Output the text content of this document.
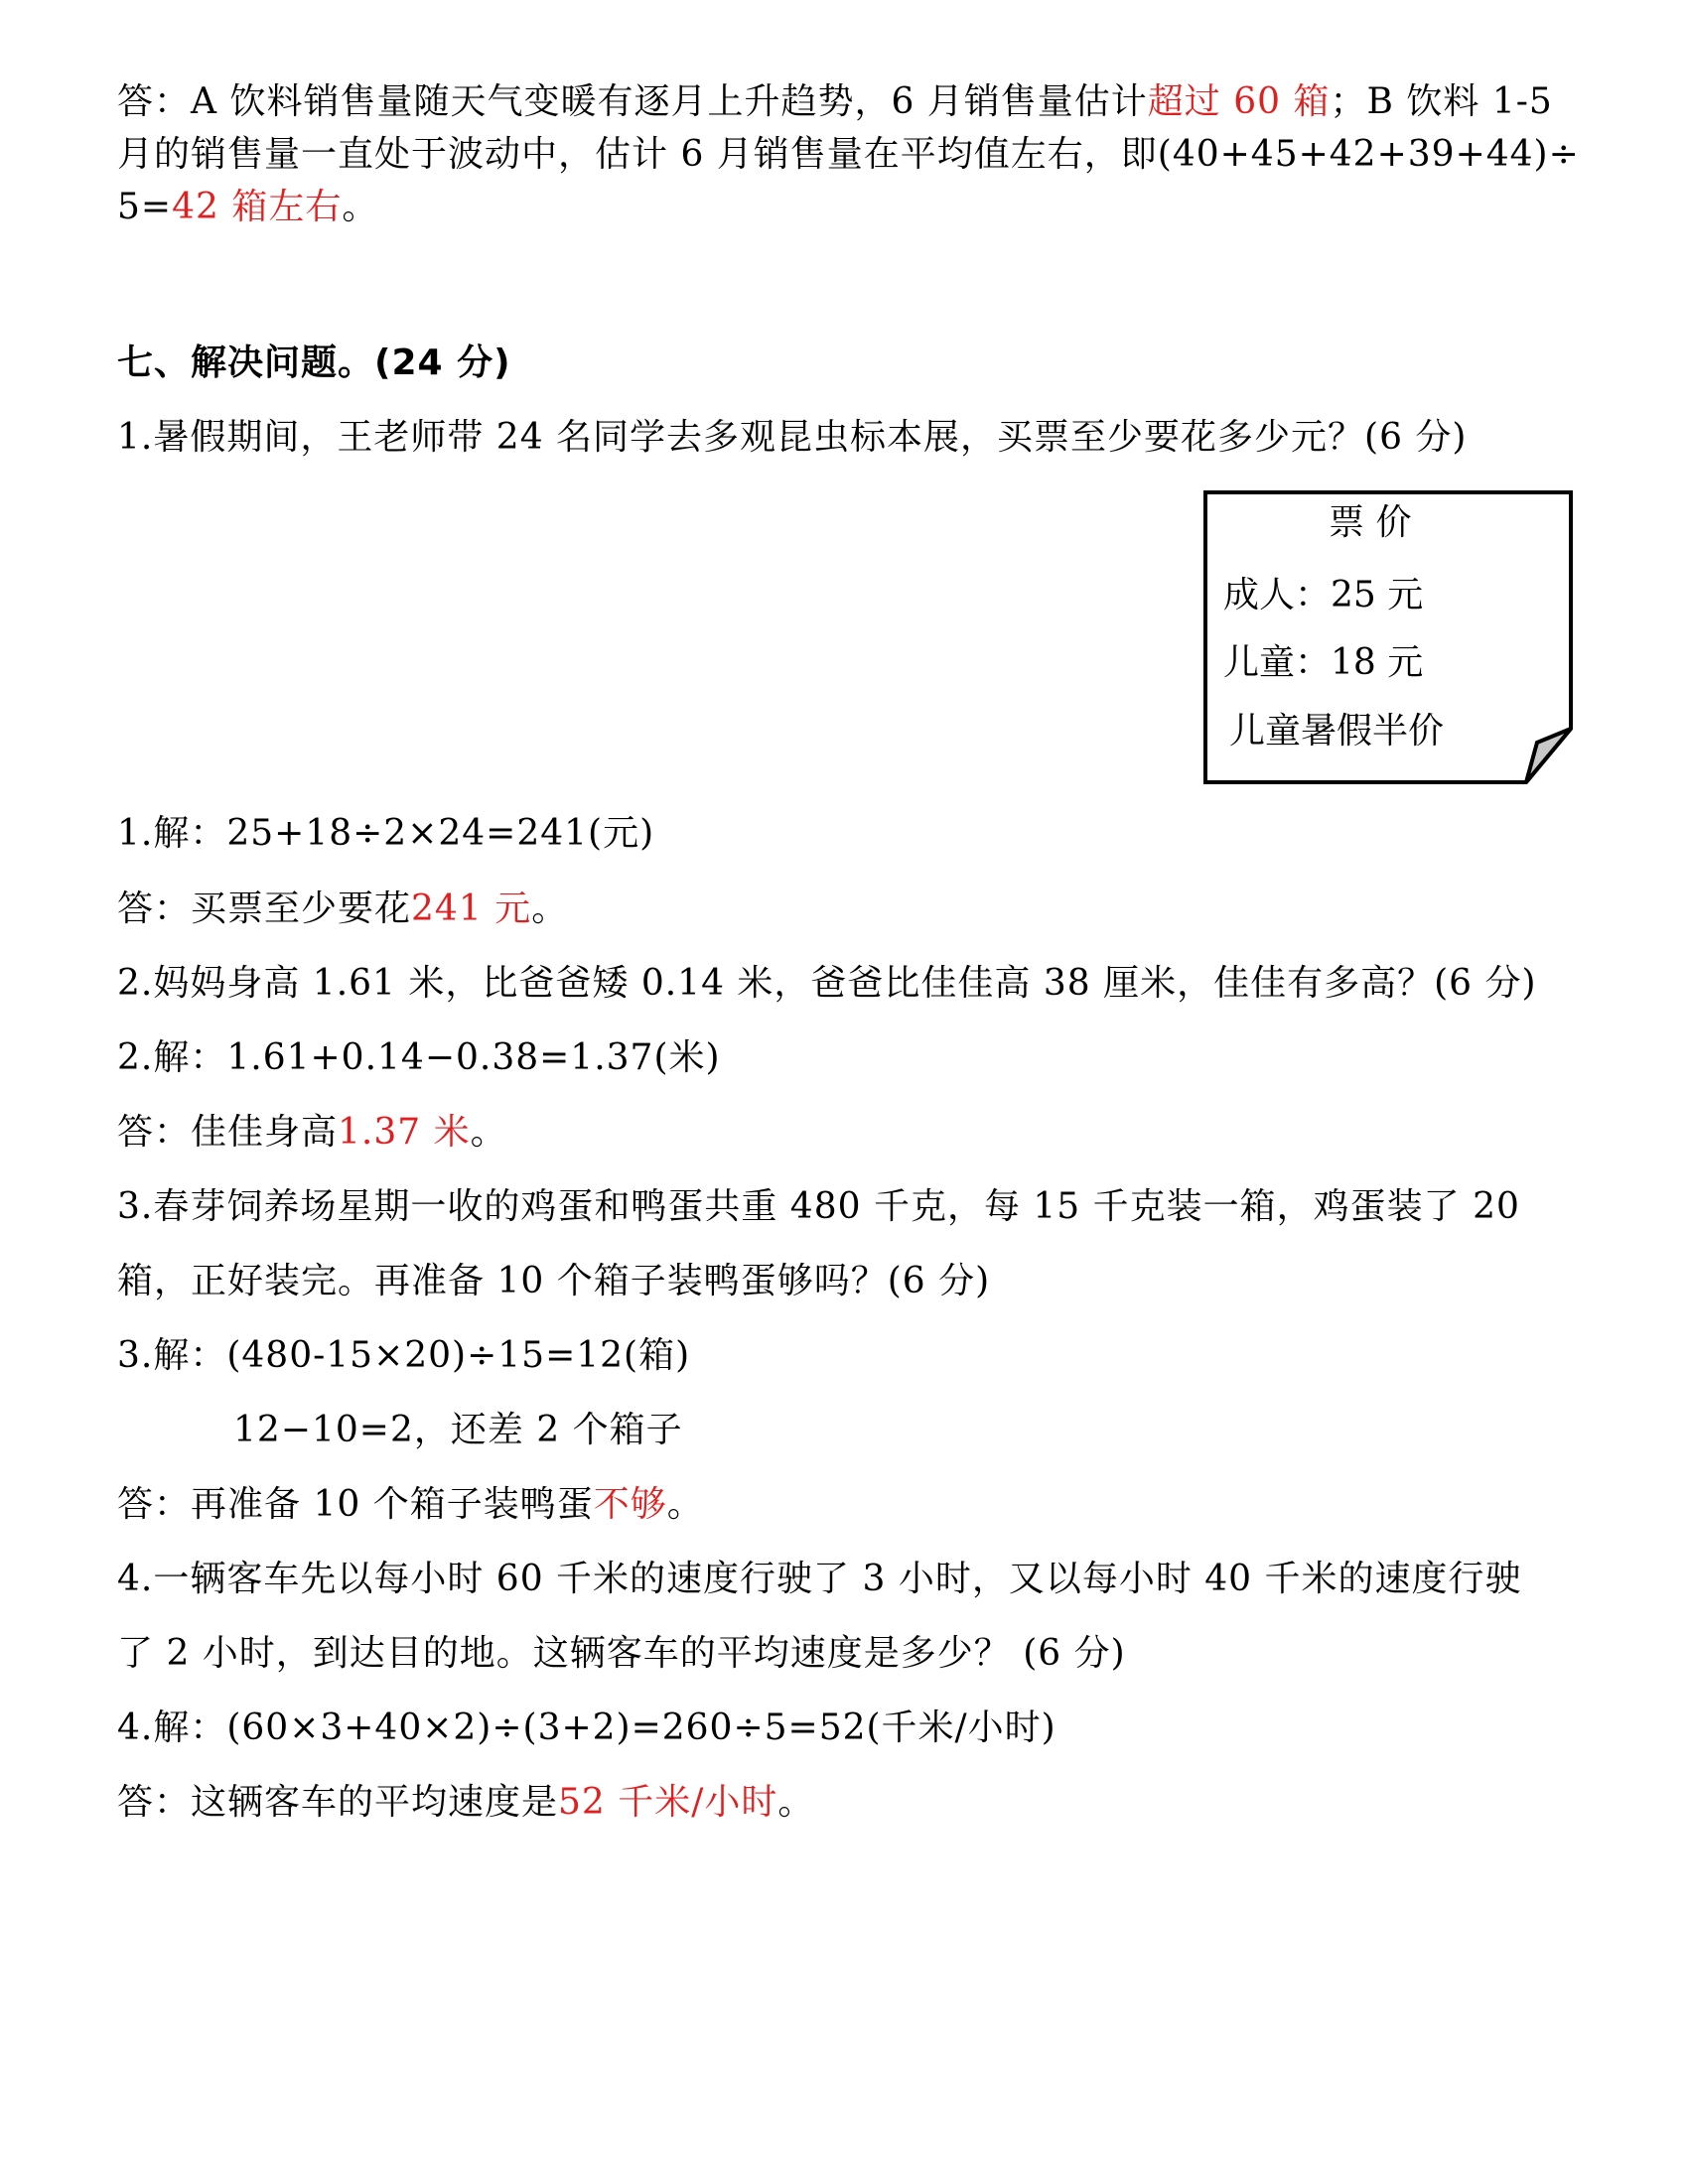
答：A 饮料销售量随天气变暖有逐月上升趋势，6 月销售量估计超过 60 箱；B 饮料 1-5
月的销售量一直处于波动中，估计 6 月销售量在平均值左右，即(40+45+42+39+44)÷
5=42 箱左右。
七、解决问题。(24 分)
1.暑假期间，王老师带 24 名同学去多观昆虫标本展，买票至少要花多少元？(6 分)
票 价
成人：25 元
儿童：18 元
儿童暑假半价
1.解：25+18÷2×24=241(元)
答：买票至少要花241 元。
2.妈妈身高 1.61 米，比爸爸矮 0.14 米，爸爸比佳佳高 38 厘米，佳佳有多高？(6 分)
2.解：1.61+0.14−0.38=1.37(米)
答：佳佳身高1.37 米。
3.春芽饲养场星期一收的鸡蛋和鸭蛋共重 480 千克，每 15 千克装一箱，鸡蛋装了 20
箱，正好装完。再准备 10 个箱子装鸭蛋够吗？(6 分)
3.解：(480-15×20)÷15=12(箱)
12−10=2，还差 2 个箱子
答：再准备 10 个箱子装鸭蛋不够。
4.一辆客车先以每小时 60 千米的速度行驶了 3 小时，又以每小时 40 千米的速度行驶
了 2 小时，到达目的地。这辆客车的平均速度是多少？ (6 分)
4.解：(60×3+40×2)÷(3+2)=260÷5=52(千米/小时)
答：这辆客车的平均速度是52 千米/小时。
